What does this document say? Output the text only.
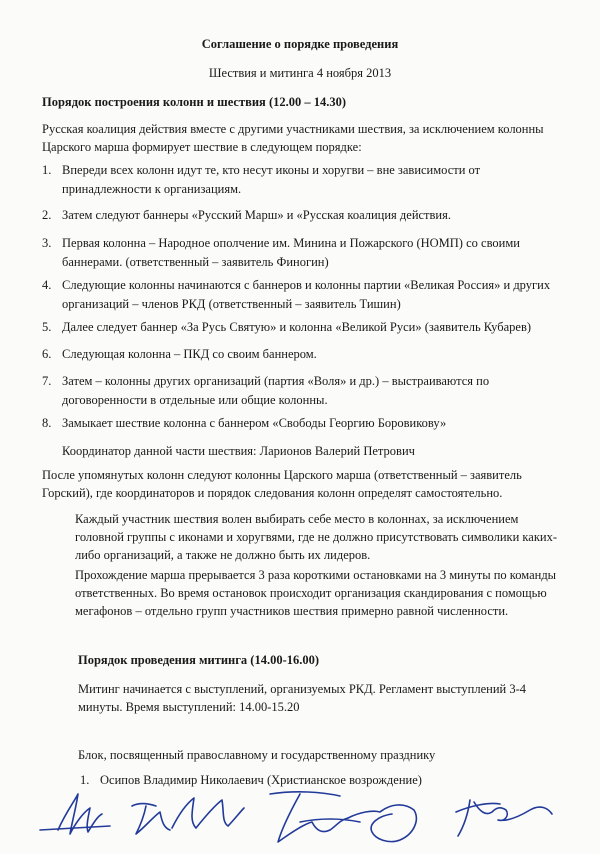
Соглашение о порядке проведения
Шествия и митинга 4 ноября 2013
Порядок построения колонн и шествия (12.00 – 14.30)
Русская коалиция действия вместе с другими участниками шествия, за исключением колонны Царского марша формирует шествие в следующем порядке:
1. Впереди всех колонн идут те, кто несут иконы и хоругви – вне зависимости от принадлежности к организациям.
2. Затем следуют баннеры «Русский Марш» и «Русская коалиция действия.
3. Первая колонна – Народное ополчение им. Минина и Пожарского (НОМП) со своими баннерами. (ответственный – заявитель Финогин)
4. Следующие колонны начинаются с баннеров и колонны партии «Великая Россия» и других организаций – членов РКД (ответственный – заявитель Тишин)
5. Далее следует баннер «За Русь Святую» и колонна «Великой Руси» (заявитель Кубарев)
6. Следующая колонна – ПКД со своим баннером.
7. Затем – колонны других организаций (партия «Воля» и др.) – выстраиваются по договоренности в отдельные или общие колонны.
8. Замыкает шествие колонна с баннером «Свободы Георгию Боровикову»
Координатор данной части шествия: Ларионов Валерий Петрович
После упомянутых колонн следуют колонны Царского марша (ответственный – заявитель Горский), где координаторов и порядок следования колонн определят самостоятельно.
Каждый участник шествия волен выбирать себе место в колоннах, за исключением головной группы с иконами и хоругвями, где не должно присутствовать символики каких-либо организаций, а также не должно быть их лидеров.
Прохождение марша прерывается 3 раза короткими остановками на 3 минуты по команды ответственных. Во время остановок происходит организация скандирования с помощью мегафонов – отдельно групп участников шествия примерно равной численности.
Порядок проведения митинга (14.00-16.00)
Митинг начинается с выступлений, организуемых РКД. Регламент выступлений 3-4 минуты. Время выступлений: 14.00-15.20
Блок, посвященный православному и государственному празднику
1. Осипов Владимир Николаевич (Христианское возрождение)
